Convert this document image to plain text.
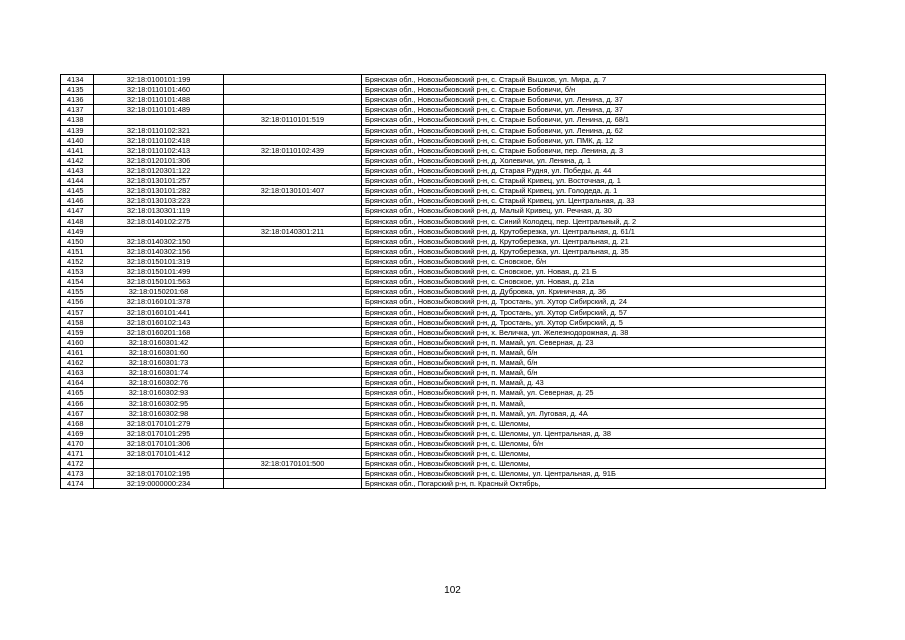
4134	32:18:0100101:199		Брянская обл., Новозыбковский р-н, с. Старый Вышков, ул. Мира, д. 7
4135	32:18:0110101:460		Брянская обл., Новозыбковский р-н, с. Старые Бобовичи, б/н
4136	32:18:0110101:488		Брянская обл., Новозыбковский р-н, с. Старые Бобовичи, ул. Ленина, д. 37
4137	32:18:0110101:489		Брянская обл., Новозыбковский р-н, с. Старые Бобовичи, ул. Ленина, д. 37
4138		32:18:0110101:519	Брянская обл., Новозыбковский р-н, с. Старые Бобовичи, ул. Ленина, д. 68/1
4139	32:18:0110102:321		Брянская обл., Новозыбковский р-н, с. Старые Бобовичи, ул. Ленина, д. 62
4140	32:18:0110102:418		Брянская обл., Новозыбковский р-н, с. Старые Бобовичи, ул. ПМК, д. 12
4141	32:18:0110102:413	32:18:0110102:439	Брянская обл., Новозыбковский р-н, с. Старые Бобовичи, пер. Ленина, д. 3
4142	32:18:0120101:306		Брянская обл., Новозыбковский р-н, д. Холевичи, ул. Ленина, д. 1
4143	32:18:0120301:122		Брянская обл., Новозыбковский р-н, д. Старая Рудня, ул. Победы, д. 44
4144	32:18:0130101:257		Брянская обл., Новозыбковский р-н, с. Старый Кривец, ул. Восточная, д. 1
4145	32:18:0130101:282	32:18:0130101:407	Брянская обл., Новозыбковский р-н, с. Старый Кривец, ул. Голодеда, д. 1
4146	32:18:0130103:223		Брянская обл., Новозыбковский р-н, с. Старый Кривец, ул. Центральная, д. 33
4147	32:18:0130301:119		Брянская обл., Новозыбковский р-н, д. Малый Кривец, ул. Речная, д. 30
4148	32:18:0140102:275		Брянская обл., Новозыбковский р-н, с. Синий Колодец, пер. Центральный, д. 2
4149		32:18:0140301:211	Брянская обл., Новозыбковский р-н, д. Крутоберезка, ул. Центральная, д. 61/1
4150	32:18:0140302:150		Брянская обл., Новозыбковский р-н, д. Крутоберезка, ул. Центральная, д. 21
4151	32:18:0140302:156		Брянская обл., Новозыбковский р-н, д. Крутоберезка, ул. Центральная, д. 35
4152	32:18:0150101:319		Брянская обл., Новозыбковский р-н, с. Сновское, б/н
4153	32:18:0150101:499		Брянская обл., Новозыбковский р-н, с. Сновское, ул. Новая, д. 21 Б
4154	32:18:0150101:563		Брянская обл., Новозыбковский р-н, с. Сновское, ул. Новая, д. 21а
4155	32:18:0150201:68		Брянская обл., Новозыбковский р-н, д. Дубровка, ул. Криничная, д. 36
4156	32:18:0160101:378		Брянская обл., Новозыбковский р-н, д. Тростань, ул. Хутор Сибирский, д. 24
4157	32:18:0160101:441		Брянская обл., Новозыбковский р-н, д. Тростань, ул. Хутор Сибирский, д. 57
4158	32:18:0160102:143		Брянская обл., Новозыбковский р-н, д. Тростань, ул. Хутор Сибирский, д. 5
4159	32:18:0160201:168		Брянская обл., Новозыбковский р-н, х. Величка, ул. Железнодорожная, д. 38
4160	32:18:0160301:42		Брянская обл., Новозыбковский р-н, п. Мамай, ул. Северная, д. 23
4161	32:18:0160301:60		Брянская обл., Новозыбковский р-н, п. Мамай, б/н
4162	32:18:0160301:73		Брянская обл., Новозыбковский р-н, п. Мамай, б/н
4163	32:18:0160301:74		Брянская обл., Новозыбковский р-н, п. Мамай, б/н
4164	32:18:0160302:76		Брянская обл., Новозыбковский р-н, п. Мамай, д. 43
4165	32:18:0160302:93		Брянская обл., Новозыбковский р-н, п. Мамай, ул. Северная, д. 25
4166	32:18:0160302:95		Брянская обл., Новозыбковский р-н, п. Мамай,
4167	32:18:0160302:98		Брянская обл., Новозыбковский р-н, п. Мамай, ул. Луговая, д. 4А
4168	32:18:0170101:279		Брянская обл., Новозыбковский р-н, с. Шеломы,
4169	32:18:0170101:295		Брянская обл., Новозыбковский р-н, с. Шеломы, ул. Центральная, д. 38
4170	32:18:0170101:306		Брянская обл., Новозыбковский р-н, с. Шеломы, б/н
4171	32:18:0170101:412		Брянская обл., Новозыбковский р-н, с. Шеломы,
4172		32:18:0170101:500	Брянская обл., Новозыбковский р-н, с. Шеломы,
4173	32:18:0170102:195		Брянская обл., Новозыбковский р-н, с. Шеломы, ул. Центральная, д. 91Б
4174	32:19:0000000:234		Брянская обл., Погарский р-н, п. Красный Октябрь,
102
